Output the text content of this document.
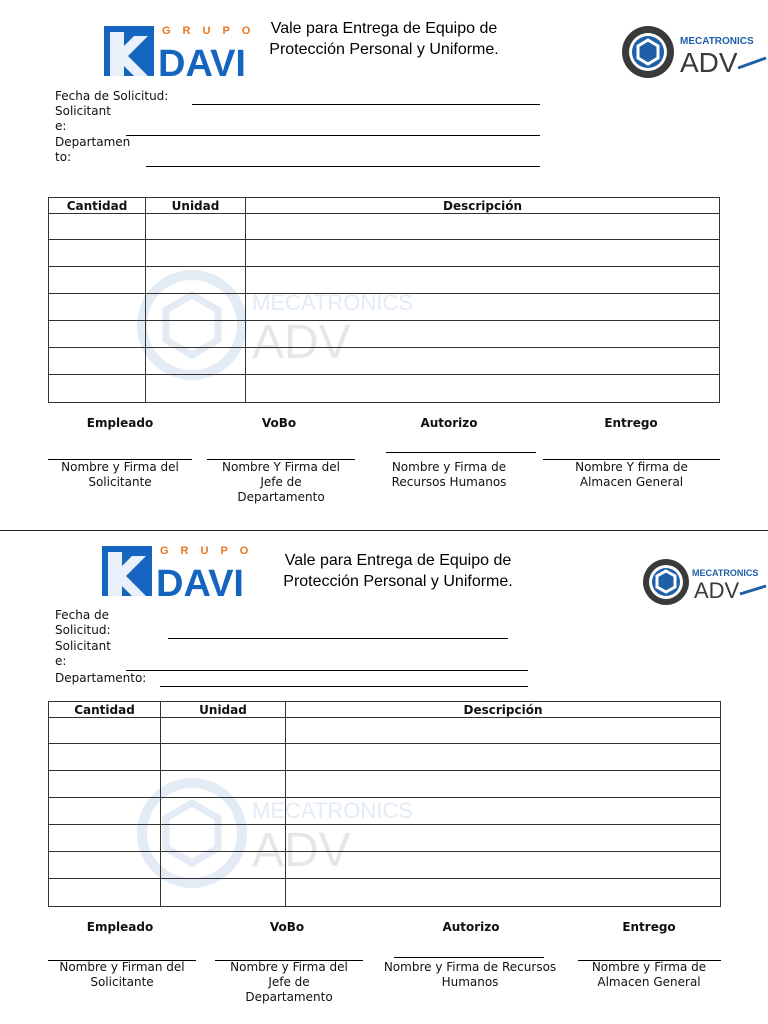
GRUPO
DAVI
Vale para Entrega de Equipo de
Protección Personal y Uniforme.	MECATRONICS
ADV
Fecha de Solicitud:
Solicitant
e:
Departamen
to:
MECATRONICS
ADV
Cantidad	Unidad	Descripción

Empleado	VoBo	Autorizo	Entrego
Nombre y Firma del
Solicitante
Nombre Y Firma del
Jefe de
Departamento
Nombre y Firma de
Recursos Humanos
Nombre Y firma de
Almacen General
GRUPO
DAVI
Vale para Entrega de Equipo de
Protección Personal y Uniforme.	MECATRONICS
ADV
Fecha de
Solicitud:
Solicitant
e:
Departamento:
MECATRONICS
ADV
Cantidad	Unidad	Descripción

Empleado	VoBo	Autorizo	Entrego
Nombre y Firman del
Solicitante
Nombre y Firma del
Jefe de
Departamento
Nombre y Firma de Recursos
Humanos
Nombre y Firma de
Almacen General
